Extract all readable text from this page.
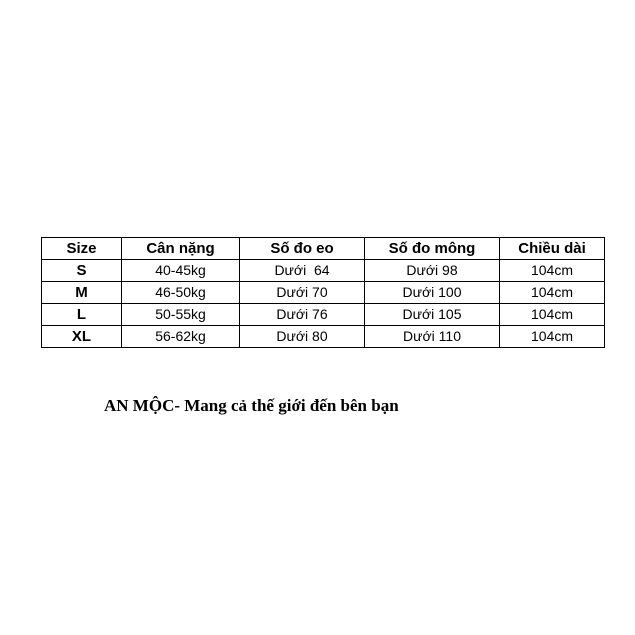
Size	Cân nặng	Số đo eo	Số đo mông	Chiều dài
S	40-45kg	Dưới  64	Dưới 98	104cm
M	46-50kg	Dưới 70	Dưới 100	104cm
L	50-55kg	Dưới 76	Dưới 105	104cm
XL	56-62kg	Dưới 80	Dưới 110	104cm
AN MỘC- Mang cả thế giới đến bên bạn
